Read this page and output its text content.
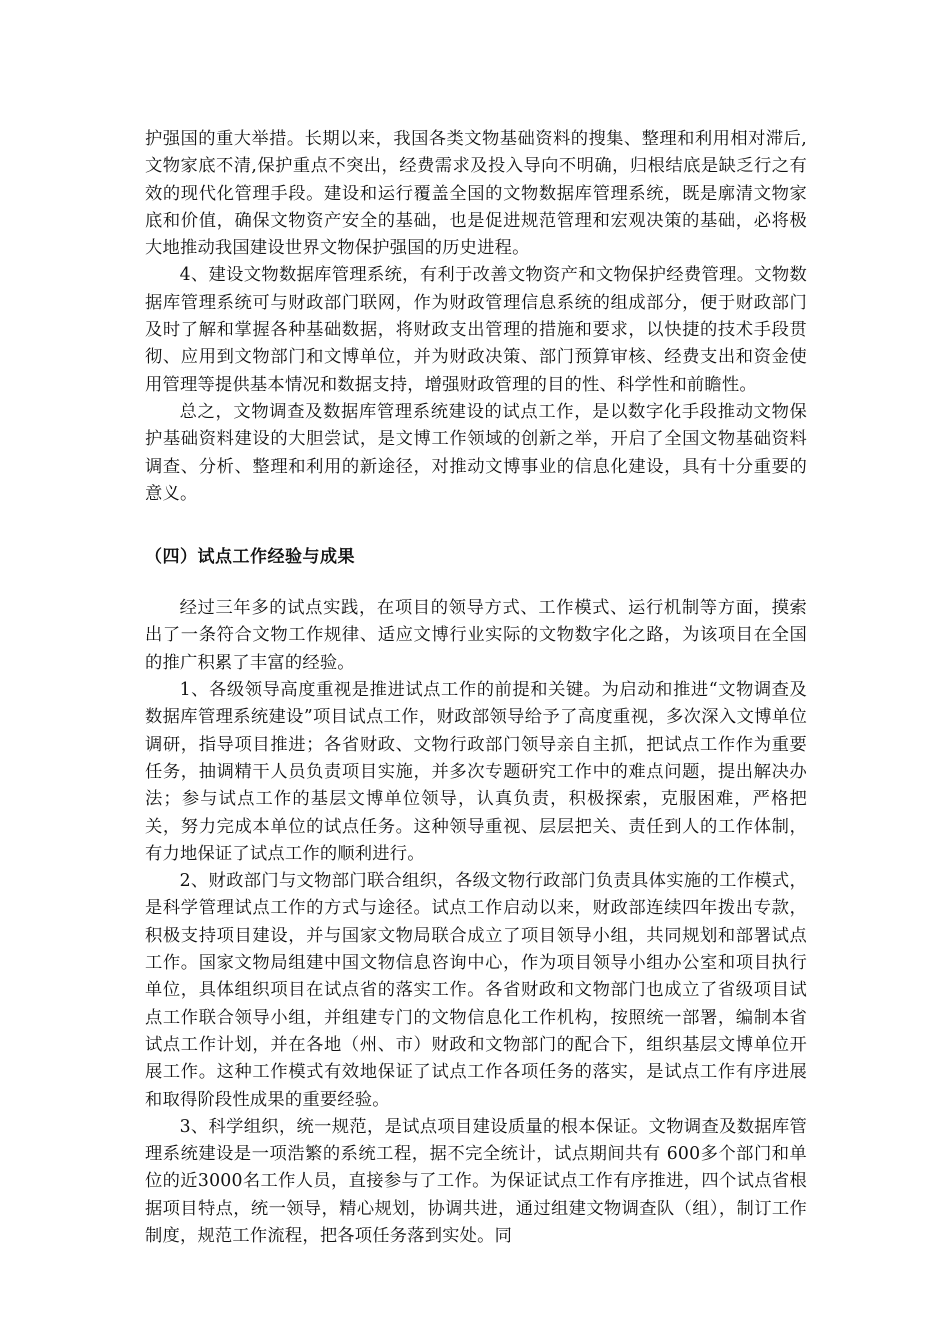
护强国的重大举措。长期以来，我国各类文物基础资料的搜集、整理和利用相对滞后,文物家底不清,保护重点不突出，经费需求及投入导向不明确，归根结底是缺乏行之有效的现代化管理手段。建设和运行覆盖全国的文物数据库管理系统，既是廓清文物家底和价值，确保文物资产安全的基础，也是促进规范管理和宏观决策的基础，必将极大地推动我国建设世界文物保护强国的历史进程。

4、建设文物数据库管理系统，有利于改善文物资产和文物保护经费管理。文物数据库管理系统可与财政部门联网，作为财政管理信息系统的组成部分，便于财政部门及时了解和掌握各种基础数据，将财政支出管理的措施和要求，以快捷的技术手段贯彻、应用到文物部门和文博单位，并为财政决策、部门预算审核、经费支出和资金使用管理等提供基本情况和数据支持，增强财政管理的目的性、科学性和前瞻性。

总之，文物调查及数据库管理系统建设的试点工作，是以数字化手段推动文物保护基础资料建设的大胆尝试，是文博工作领域的创新之举，开启了全国文物基础资料调查、分析、整理和利用的新途径，对推动文博事业的信息化建设，具有十分重要的意义。

（四）试点工作经验与成果

经过三年多的试点实践，在项目的领导方式、工作模式、运行机制等方面，摸索出了一条符合文物工作规律、适应文博行业实际的文物数字化之路，为该项目在全国的推广积累了丰富的经验。

1、各级领导高度重视是推进试点工作的前提和关键。为启动和推进“文物调查及数据库管理系统建设”项目试点工作，财政部领导给予了高度重视，多次深入文博单位调研，指导项目推进；各省财政、文物行政部门领导亲自主抓，把试点工作作为重要任务，抽调精干人员负责项目实施，并多次专题研究工作中的难点问题，提出解决办法；参与试点工作的基层文博单位领导，认真负责，积极探索，克服困难，严格把关，努力完成本单位的试点任务。这种领导重视、层层把关、责任到人的工作体制，有力地保证了试点工作的顺利进行。

2、财政部门与文物部门联合组织，各级文物行政部门负责具体实施的工作模式，是科学管理试点工作的方式与途径。试点工作启动以来，财政部连续四年拨出专款，积极支持项目建设，并与国家文物局联合成立了项目领导小组，共同规划和部署试点工作。国家文物局组建中国文物信息咨询中心，作为项目领导小组办公室和项目执行单位，具体组织项目在试点省的落实工作。各省财政和文物部门也成立了省级项目试点工作联合领导小组，并组建专门的文物信息化工作机构，按照统一部署，编制本省试点工作计划，并在各地（州、市）财政和文物部门的配合下，组织基层文博单位开展工作。这种工作模式有效地保证了试点工作各项任务的落实，是试点工作有序进展和取得阶段性成果的重要经验。

3、科学组织，统一规范，是试点项目建设质量的根本保证。文物调查及数据库管理系统建设是一项浩繁的系统工程，据不完全统计，试点期间共有 600多个部门和单位的近3000名工作人员，直接参与了工作。为保证试点工作有序推进，四个试点省根据项目特点，统一领导，精心规划，协调共进，通过组建文物调查队（组），制订工作制度，规范工作流程，把各项任务落到实处。同
